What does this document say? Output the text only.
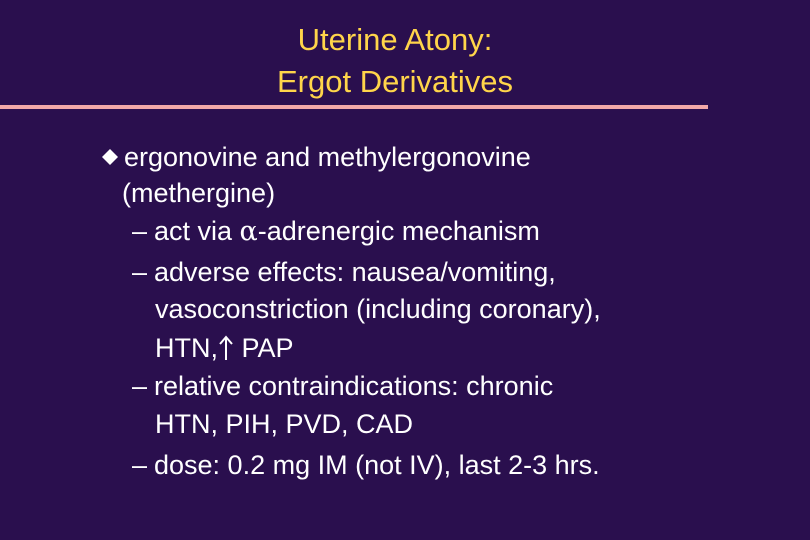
Uterine Atony:
Ergot Derivatives
ergonovine and methylergonovine
(methergine)
– act via α-adrenergic mechanism
– adverse effects: nausea/vomiting,
vasoconstriction (including coronary),
HTN, PAP
– relative contraindications: chronic
HTN, PIH, PVD, CAD
– dose: 0.2 mg IM (not IV), last 2-3 hrs.
